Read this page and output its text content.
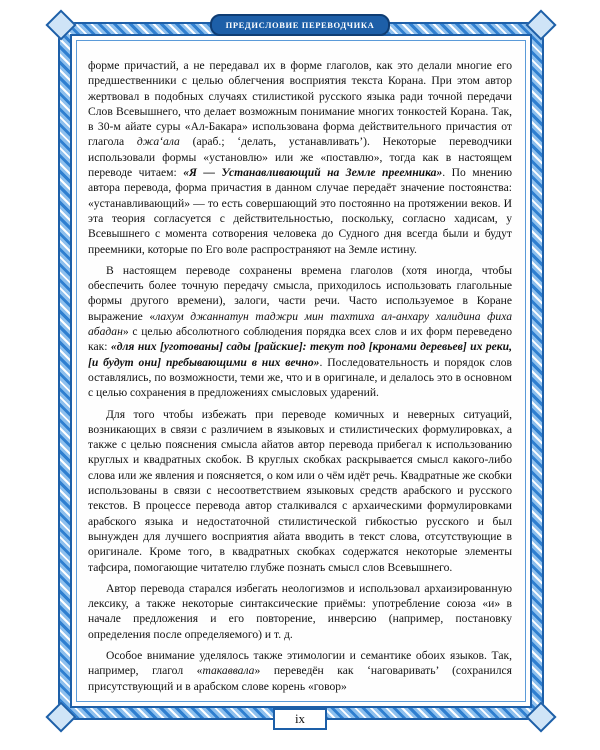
ПРЕДИСЛОВИЕ ПЕРЕВОДЧИКА

форме причастий, а не передавал их в форме глаголов, как это делали многие его предшественники с целью облегчения восприятия текста Корана. При этом автор жертвовал в подобных случаях стилистикой русского языка ради точной передачи Слов Всевышнего, что делает возможным понимание многих тонкостей Корана. Так, в 30-м айате суры «Ал-Бакара» использована форма действительного причастия от глагола джа‘ала (араб.; ‘делать, устанавливать’). Некоторые переводчики использовали формы «установлю» или же «поставлю», тогда как в настоящем переводе читаем: «Я — Устанавливающий на Земле преемника». По мнению автора перевода, форма причастия в данном случае передаёт значение постоянства: «устанавливающий» — то есть совершающий это постоянно на протяжении веков. И эта теория согласуется с действительностью, поскольку, согласно хадисам, у Всевышнего с момента сотворения человека до Судного дня всегда были и будут преемники, которые по Его воле распространяют на Земле истину.

В настоящем переводе сохранены времена глаголов (хотя иногда, чтобы обеспечить более точную передачу смысла, приходилось использовать глагольные формы другого времени), залоги, части речи. Часто используемое в Коране выражение «лахум джаннатун таджри мин тахтиха ал-анхару халидина фиха абадан» с целью абсолютного соблюдения порядка всех слов и их форм переведено как: «для них [уготованы] сады [райские]: текут под [кронами деревьев] их реки, [и будут они] пребывающими в них вечно». Последовательность и порядок слов оставлялись, по возможности, теми же, что и в оригинале, и делалось это в основном с целью сохранения в предложениях смысловых ударений.

Для того чтобы избежать при переводе комичных и неверных ситуаций, возникающих в связи с различием в языковых и стилистических формулировках, а также с целью пояснения смысла айатов автор перевода прибегал к использованию круглых и квадратных скобок. В круглых скобках раскрывается смысл какого-либо слова или же явления и поясняется, о ком или о чём идёт речь. Квадратные же скобки использованы в связи с несоответствием языковых средств арабского и русского текстов. В процессе перевода автор сталкивался с архаическими формулировками арабского языка и недостаточной стилистической гибкостью русского и был вынужден для лучшего восприятия айата вводить в текст слова, отсутствующие в оригинале. Кроме того, в квадратных скобках содержатся некоторые элементы тафсира, помогающие читателю глубже познать смысл слов Всевышнего.

Автор перевода старался избегать неологизмов и использовал архаизированную лексику, а также некоторые синтаксические приёмы: употребление союза «и» в начале предложения и его повторение, инверсию (например, постановку определения после определяемого) и т. д.

Особое внимание уделялось также этимологии и семантике обоих языков. Так, например, глагол «такаввала» переведён как ‘наговаривать’ (сохранился присутствующий и в арабском слове корень «говор»

ix
